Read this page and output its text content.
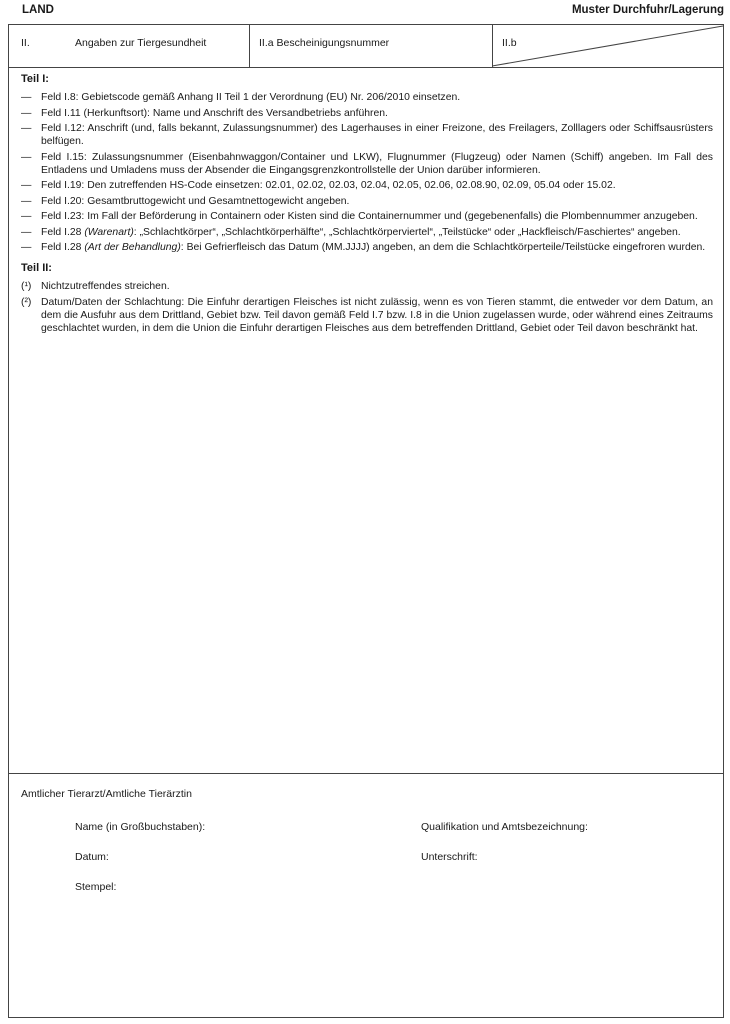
LAND	Muster Durchfuhr/Lagerung
II.	Angaben zur Tiergesundheit	II.a Bescheinigungsnummer	II.b
Teil I:
— Feld I.8: Gebietscode gemäß Anhang II Teil 1 der Verordnung (EU) Nr. 206/2010 einsetzen.
— Feld I.11 (Herkunftsort): Name und Anschrift des Versandbetriebs anführen.
— Feld I.12: Anschrift (und, falls bekannt, Zulassungsnummer) des Lagerhauses in einer Freizone, des Freilagers, Zolllagers oder Schiffsausrüsters belfügen.
— Feld I.15: Zulassungsnummer (Eisenbahnwaggon/Container und LKW), Flugnummer (Flugzeug) oder Namen (Schiff) angeben. Im Fall des Entladens und Umladens muss der Absender die Eingangsgrenzkontrollstelle der Union darüber informieren.
— Feld I.19: Den zutreffenden HS-Code einsetzen: 02.01, 02.02, 02.03, 02.04, 02.05, 02.06, 02.08.90, 02.09, 05.04 oder 15.02.
— Feld I.20: Gesamtbruttogewicht und Gesamtnettogewicht angeben.
— Feld I.23: Im Fall der Beförderung in Containern oder Kisten sind die Containernummer und (gegebenenfalls) die Plombennummer anzugeben.
— Feld I.28 (Warenart): „Schlachtkörper“, „Schlachtkörperhälfte“, „Schlachtkörperviertel“, „Teilstücke“ oder „Hackfleisch/Faschiertes“ angeben.
— Feld I.28 (Art der Behandlung): Bei Gefrierfleisch das Datum (MM.JJJJ) angeben, an dem die Schlachtkörperteile/Teilstücke eingefroren wurden.
Teil II:
(¹) Nichtzutreffendes streichen.
(²) Datum/Daten der Schlachtung: Die Einfuhr derartigen Fleisches ist nicht zulässig, wenn es von Tieren stammt, die entweder vor dem Datum, an dem die Ausfuhr aus dem Drittland, Gebiet bzw. Teil davon gemäß Feld I.7 bzw. I.8 in die Union zugelassen wurde, oder während eines Zeitraums geschlachtet wurden, in dem die Union die Einfuhr derartigen Fleisches aus dem betreffenden Drittland, Gebiet oder Teil davon beschränkt hat.
Amtlicher Tierarzt/Amtliche Tierärztin
Name (in Großbuchstaben):	Qualifikation und Amtsbezeichnung:
Datum:	Unterschrift:
Stempel:
